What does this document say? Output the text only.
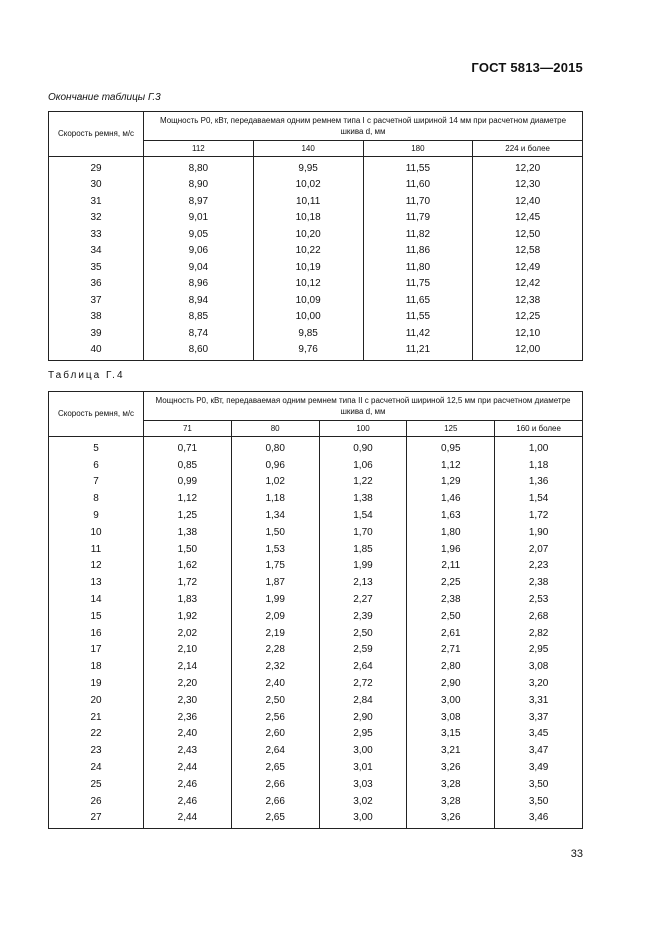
ГОСТ 5813—2015
Окончание таблицы Г.3
Скорость ремня, м/с	Мощность P0, кВт, передаваемая одним ремнем типа I с расчетной шириной 14 мм при расчетном диаметре шкива d, мм			
	112	140	180	224 и более
29	8,80	9,95	11,55	12,20
30	8,90	10,02	11,60	12,30
31	8,97	10,11	11,70	12,40
32	9,01	10,18	11,79	12,45
33	9,05	10,20	11,82	12,50
34	9,06	10,22	11,86	12,58
35	9,04	10,19	11,80	12,49
36	8,96	10,12	11,75	12,42
37	8,94	10,09	11,65	12,38
38	8,85	10,00	11,55	12,25
39	8,74	9,85	11,42	12,10
40	8,60	9,76	11,21	12,00
Таблица Г.4
Скорость ремня, м/с	Мощность P0, кВт, передаваемая одним ремнем типа II с расчетной шириной 12,5 мм при расчетном диаметре шкива d, мм				
	71	80	100	125	160 и более
5	0,71	0,80	0,90	0,95	1,00
6	0,85	0,96	1,06	1,12	1,18
7	0,99	1,02	1,22	1,29	1,36
8	1,12	1,18	1,38	1,46	1,54
9	1,25	1,34	1,54	1,63	1,72
10	1,38	1,50	1,70	1,80	1,90
11	1,50	1,53	1,85	1,96	2,07
12	1,62	1,75	1,99	2,11	2,23
13	1,72	1,87	2,13	2,25	2,38
14	1,83	1,99	2,27	2,38	2,53
15	1,92	2,09	2,39	2,50	2,68
16	2,02	2,19	2,50	2,61	2,82
17	2,10	2,28	2,59	2,71	2,95
18	2,14	2,32	2,64	2,80	3,08
19	2,20	2,40	2,72	2,90	3,20
20	2,30	2,50	2,84	3,00	3,31
21	2,36	2,56	2,90	3,08	3,37
22	2,40	2,60	2,95	3,15	3,45
23	2,43	2,64	3,00	3,21	3,47
24	2,44	2,65	3,01	3,26	3,49
25	2,46	2,66	3,03	3,28	3,50
26	2,46	2,66	3,02	3,28	3,50
27	2,44	2,65	3,00	3,26	3,46
33
